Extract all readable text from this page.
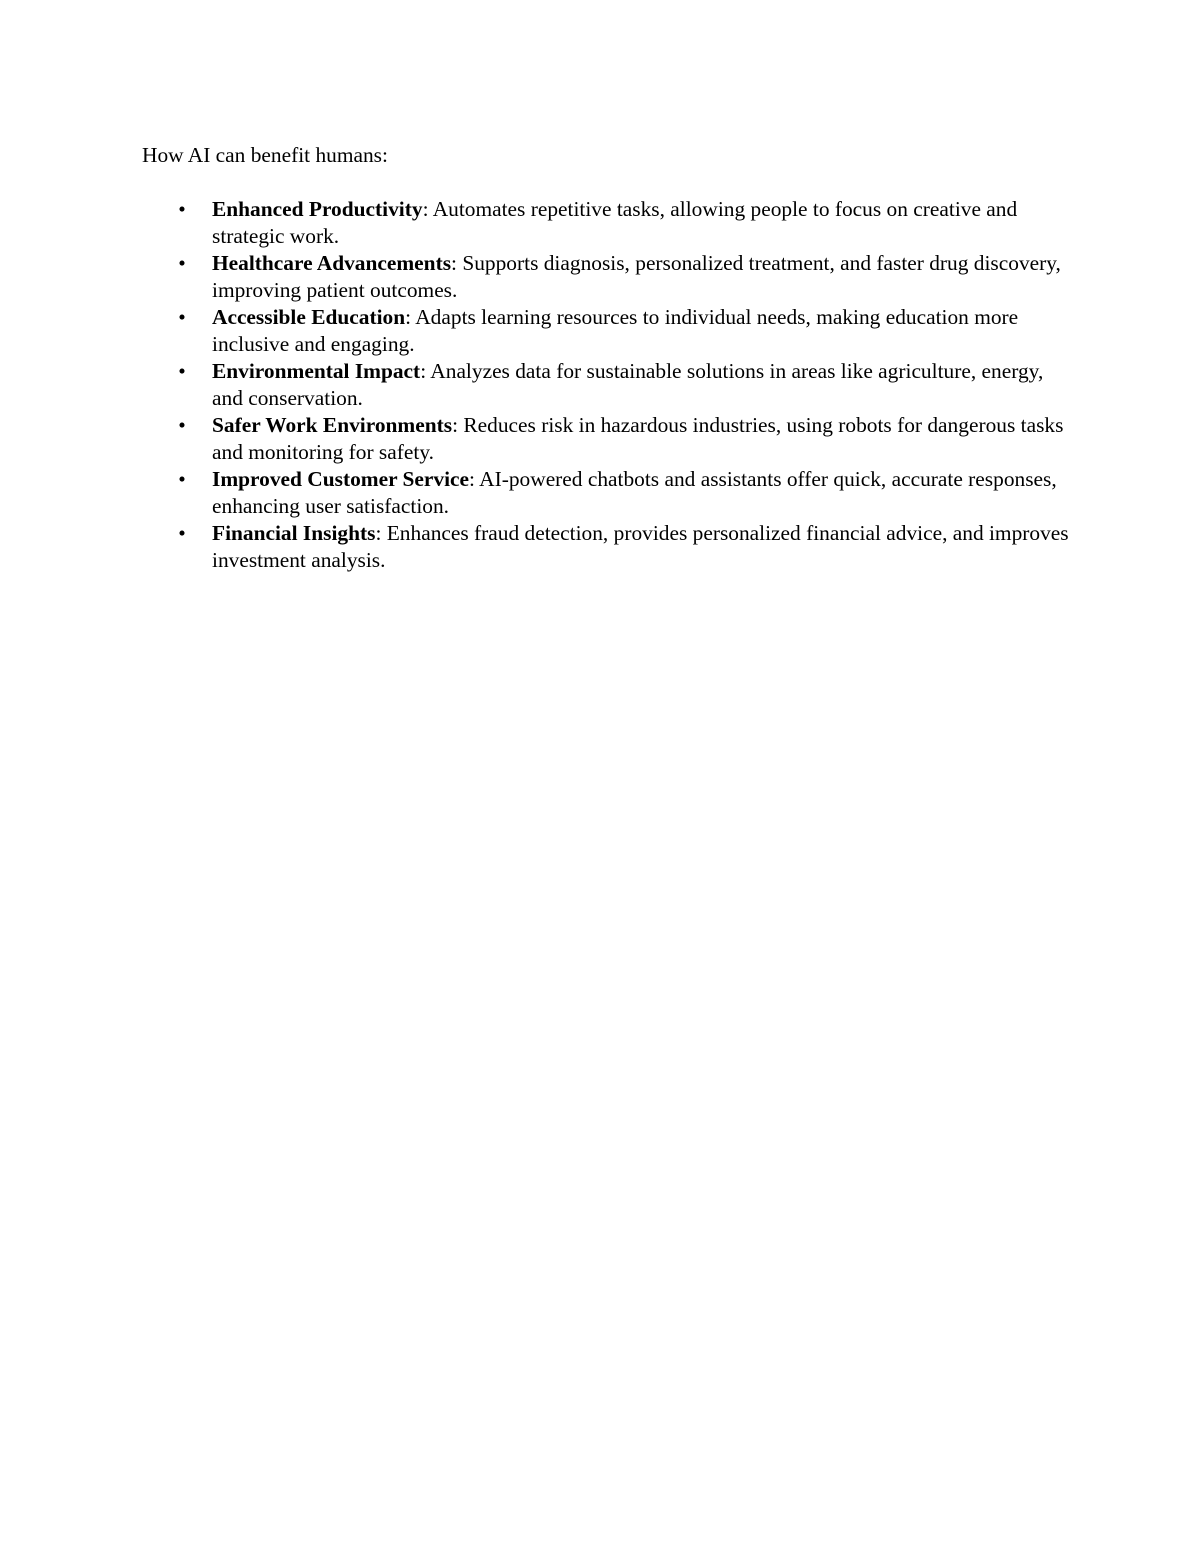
How AI can benefit humans:

• Enhanced Productivity: Automates repetitive tasks, allowing people to focus on creative and strategic work.
• Healthcare Advancements: Supports diagnosis, personalized treatment, and faster drug discovery, improving patient outcomes.
• Accessible Education: Adapts learning resources to individual needs, making education more inclusive and engaging.
• Environmental Impact: Analyzes data for sustainable solutions in areas like agriculture, energy, and conservation.
• Safer Work Environments: Reduces risk in hazardous industries, using robots for dangerous tasks and monitoring for safety.
• Improved Customer Service: AI-powered chatbots and assistants offer quick, accurate responses, enhancing user satisfaction.
• Financial Insights: Enhances fraud detection, provides personalized financial advice, and improves investment analysis.
